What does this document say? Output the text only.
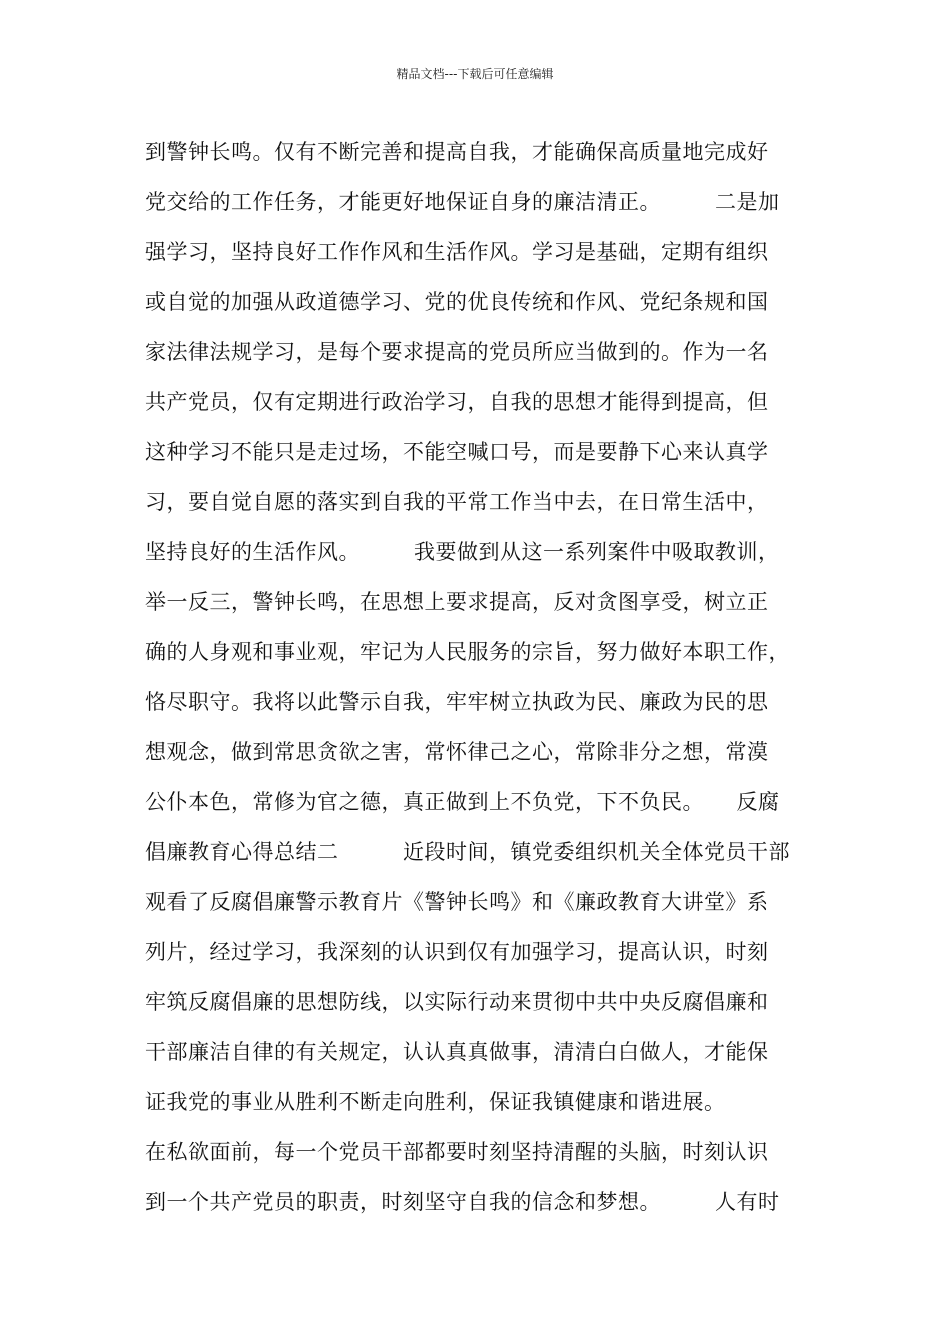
精品文档---下载后可任意编辑
到警钟长鸣。仅有不断完善和提高自我，才能确保高质量地完成好
党交给的工作任务，才能更好地保证自身的廉洁清正。　　　二是加
强学习，坚持良好工作作风和生活作风。学习是基础，定期有组织
或自觉的加强从政道德学习、党的优良传统和作风、党纪条规和国
家法律法规学习，是每个要求提高的党员所应当做到的。作为一名
共产党员，仅有定期进行政治学习，自我的思想才能得到提高，但
这种学习不能只是走过场，不能空喊口号，而是要静下心来认真学
习，要自觉自愿的落实到自我的平常工作当中去，在日常生活中，
坚持良好的生活作风。　　　我要做到从这一系列案件中吸取教训，
举一反三，警钟长鸣，在思想上要求提高，反对贪图享受，树立正
确的人身观和事业观，牢记为人民服务的宗旨，努力做好本职工作，
恪尽职守。我将以此警示自我，牢牢树立执政为民、廉政为民的思
想观念，做到常思贪欲之害，常怀律己之心，常除非分之想，常漠
公仆本色，常修为官之德，真正做到上不负党，下不负民。　　反腐
倡廉教育心得总结二　　　近段时间，镇党委组织机关全体党员干部
观看了反腐倡廉警示教育片《警钟长鸣》和《廉政教育大讲堂》系
列片，经过学习，我深刻的认识到仅有加强学习，提高认识，时刻
牢筑反腐倡廉的思想防线，以实际行动来贯彻中共中央反腐倡廉和
干部廉洁自律的有关规定，认认真真做事，清清白白做人，才能保
证我党的事业从胜利不断走向胜利，保证我镇健康和谐进展。
在私欲面前，每一个党员干部都要时刻坚持清醒的头脑，时刻认识
到一个共产党员的职责，时刻坚守自我的信念和梦想。　　　人有时
